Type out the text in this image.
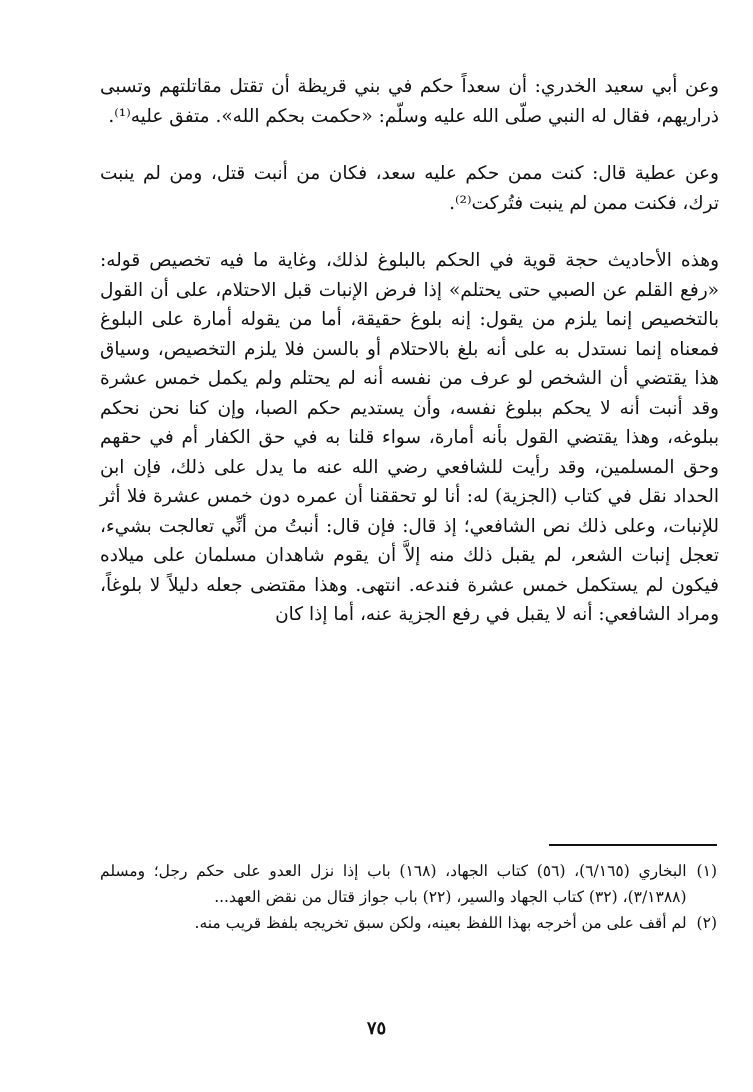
وعن أبي سعيد الخدري: أن سعداً حكم في بني قريظة أن تقتل مقاتلتهم وتسبى ذراريهم، فقال له النبي صلّى الله عليه وسلّم: «حكمت بحكم الله». متفق عليه⁽¹⁾.

وعن عطية قال: كنت ممن حكم عليه سعد، فكان من أنبت قتل، ومن لم ينبت ترك، فكنت ممن لم ينبت فتُركت⁽²⁾.

وهذه الأحاديث حجة قوية في الحكم بالبلوغ لذلك، وغاية ما فيه تخصيص قوله: «رفع القلم عن الصبي حتى يحتلم» إذا فرض الإنبات قبل الاحتلام، على أن القول بالتخصيص إنما يلزم من يقول: إنه بلوغ حقيقة، أما من يقوله أمارة على البلوغ فمعناه إنما نستدل به على أنه بلغ بالاحتلام أو بالسن فلا يلزم التخصيص، وسياق هذا يقتضي أن الشخص لو عرف من نفسه أنه لم يحتلم ولم يكمل خمس عشرة وقد أنبت أنه لا يحكم ببلوغ نفسه، وأن يستديم حكم الصبا، وإن كنا نحن نحكم ببلوغه، وهذا يقتضي القول بأنه أمارة، سواء قلنا به في حق الكفار أم في حقهم وحق المسلمين، وقد رأيت للشافعي رضي الله عنه ما يدل على ذلك، فإن ابن الحداد نقل في كتاب (الجزية) له: أنا لو تحققنا أن عمره دون خمس عشرة فلا أثر للإنبات، وعلى ذلك نص الشافعي؛ إذ قال: فإن قال: أنبتُ من أنِّي تعالجت بشيء، تعجل إنبات الشعر، لم يقبل ذلك منه إلاَّ أن يقوم شاهدان مسلمان على ميلاده فيكون لم يستكمل خمس عشرة فندعه. انتهى. وهذا مقتضى جعله دليلاً لا بلوغاً، ومراد الشافعي: أنه لا يقبل في رفع الجزية عنه، أما إذا كان

(١)
البخاري (٦/١٦٥)، (٥٦) كتاب الجهاد، (١٦٨) باب إذا نزل العدو على حكم رجل؛ ومسلم (٣/١٣٨٨)، (٣٢) كتاب الجهاد والسير، (٢٢) باب جواز قتال من نقض العهد...

(٢)
لم أقف على من أخرجه بهذا اللفظ بعينه، ولكن سبق تخريجه بلفظ قريب منه.

٧٥
